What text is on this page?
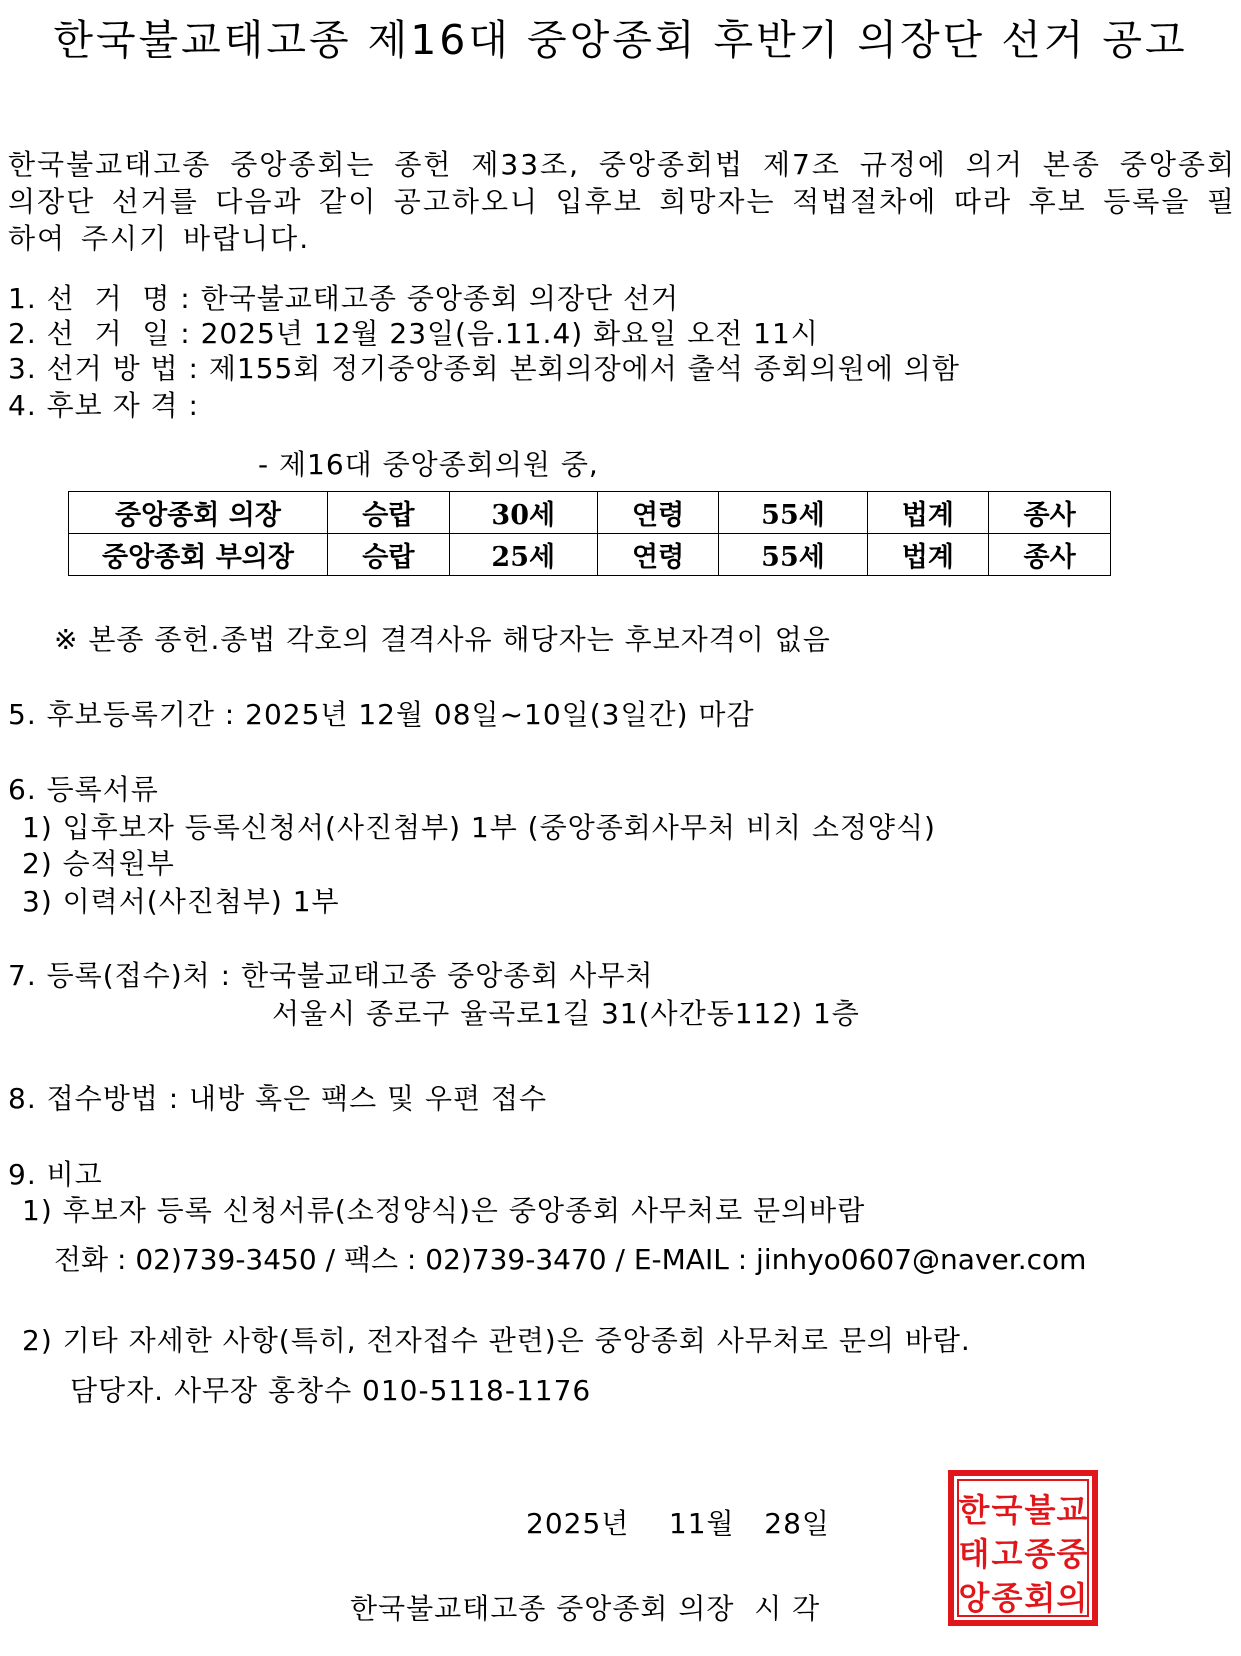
한국불교태고종 제16대 중앙종회 후반기 의장단 선거 공고
한국불교태고종 중앙종회는 종헌 제33조, 중앙종회법 제7조 규정에 의거 본종 중앙종회 의장단 선거를 다음과 같이 공고하오니 입후보 희망자는 적법절차에 따라 후보 등록을 필하여 주시기 바랍니다.
1. 선  거  명 : 한국불교태고종 중앙종회 의장단 선거
2. 선  거  일 : 2025년 12월 23일(음.11.4) 화요일 오전 11시
3. 선거 방 법 : 제155회 정기중앙종회 본회의장에서 출석 종회의원에 의함
4. 후보 자 격 :
- 제16대 중앙종회의원 중,
중앙종회 의장	승랍	30세	연령	55세	법계	종사
중앙종회 부의장	승랍	25세	연령	55세	법계	종사
※ 본종 종헌.종법 각호의 결격사유 해당자는 후보자격이 없음
5. 후보등록기간 : 2025년 12월 08일~10일(3일간) 마감
6. 등록서류
1) 입후보자 등록신청서(사진첨부) 1부 (중앙종회사무처 비치 소정양식)
2) 승적원부
3) 이력서(사진첨부) 1부
7. 등록(접수)처 : 한국불교태고종 중앙종회 사무처
서울시 종로구 율곡로1길 31(사간동112) 1층
8. 접수방법 : 내방 혹은 팩스 및 우편 접수
9. 비고
1) 후보자 등록 신청서류(소정양식)은 중앙종회 사무처로 문의바람
전화 : 02)739-3450 / 팩스 : 02)739-3470 / E-MAIL : jinhyo0607@naver.com
2) 기타 자세한 사항(특히, 전자접수 관련)은 중앙종회 사무처로 문의 바람.
담당자. 사무장 홍창수 010-5118-1176
2025년    11월   28일
한국불교태고종 중앙종회 의장  시 각
한 국 불 교
태 고 종 중
앙 종 회 의
